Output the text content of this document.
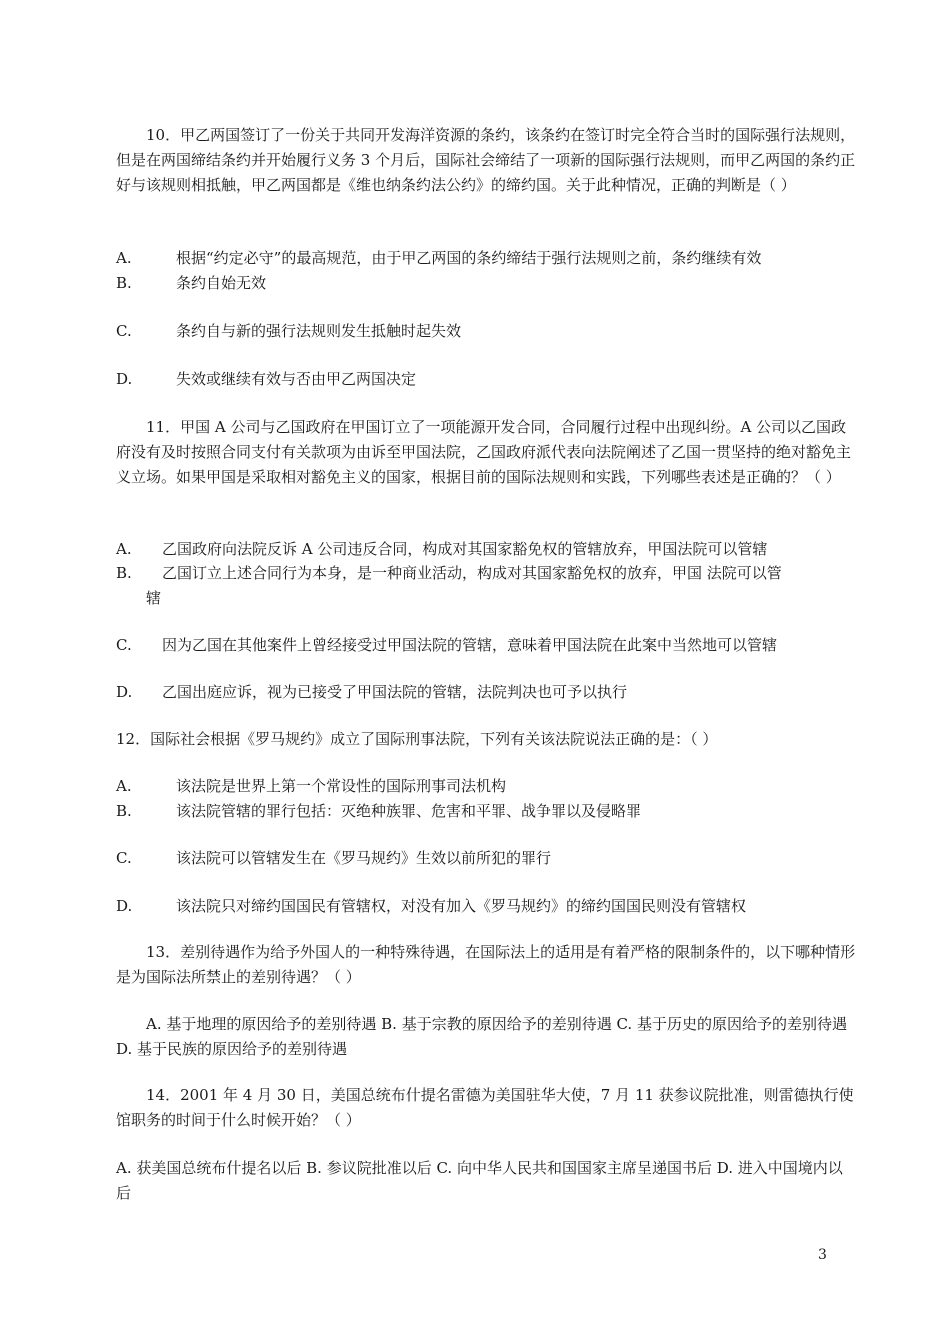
10．甲乙两国签订了一份关于共同开发海洋资源的条约，该条约在签订时完全符合当时的国际强行法规则，但是在两国缔结条约并开始履行义务 3 个月后，国际社会缔结了一项新的国际强行法规则，而甲乙两国的条约正好与该规则相抵触，甲乙两国都是《维也纳条约法公约》的缔约国。关于此种情况，正确的判断是（ ）

A.	根据“约定必守”的最高规范，由于甲乙两国的条约缔结于强行法规则之前，条约继续有效

B.	条约自始无效

C.	条约自与新的强行法规则发生抵触时起失效

D.	失效或继续有效与否由甲乙两国决定

11．甲国 A 公司与乙国政府在甲国订立了一项能源开发合同，合同履行过程中出现纠纷。A 公司以乙国政府没有及时按照合同支付有关款项为由诉至甲国法院，乙国政府派代表向法院阐述了乙国一贯坚持的绝对豁免主义立场。如果甲国是采取相对豁免主义的国家，根据目前的国际法规则和实践，下列哪些表述是正确的？（ ）

A. 乙国政府向法院反诉 A 公司违反合同，构成对其国家豁免权的管辖放弃，甲国法院可以管辖

B. 乙国订立上述合同行为本身，是一种商业活动，构成对其国家豁免权的放弃，甲国 法院可以管
辖

C. 因为乙国在其他案件上曾经接受过甲国法院的管辖，意味着甲国法院在此案中当然地可以管辖

D. 乙国出庭应诉，视为已接受了甲国法院的管辖，法院判决也可予以执行

12．国际社会根据《罗马规约》成立了国际刑事法院，下列有关该法院说法正确的是：（ ）

A.	该法院是世界上第一个常设性的国际刑事司法机构

B.	该法院管辖的罪行包括：灭绝种族罪、危害和平罪、战争罪以及侵略罪

C.	该法院可以管辖发生在《罗马规约》生效以前所犯的罪行

D.	该法院只对缔约国国民有管辖权，对没有加入《罗马规约》的缔约国国民则没有管辖权

13．差别待遇作为给予外国人的一种特殊待遇，在国际法上的适用是有着严格的限制条件的，以下哪种情形是为国际法所禁止的差别待遇？（ ）

A. 基于地理的原因给予的差别待遇 B. 基于宗教的原因给予的差别待遇 C. 基于历史的原因给予的差别待遇 D. 基于民族的原因给予的差别待遇

14．2001 年 4 月 30 日，美国总统布什提名雷德为美国驻华大使，7 月 11 获参议院批准，则雷德执行使馆职务的时间于什么时候开始？（ ）

A. 获美国总统布什提名以后 B. 参议院批准以后 C. 向中华人民共和国国家主席呈递国书后 D. 进入中国境内以后

3
